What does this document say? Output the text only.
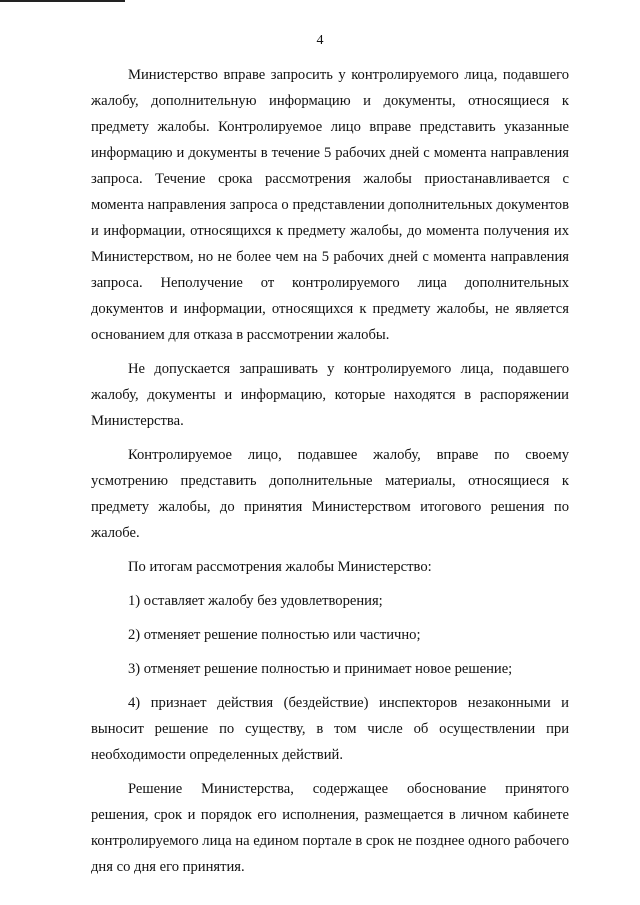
4

Министерство вправе запросить у контролируемого лица, подавшего жалобу, дополнительную информацию и документы, относящиеся к предмету жалобы. Контролируемое лицо вправе представить указанные информацию и документы в течение 5 рабочих дней с момента направления запроса. Течение срока рассмотрения жалобы приостанавливается с момента направления запроса о представлении дополнительных документов и информации, относящихся к предмету жалобы, до момента получения их Министерством, но не более чем на 5 рабочих дней с момента направления запроса. Неполучение от контролируемого лица дополнительных документов и информации, относящихся к предмету жалобы, не является основанием для отказа в рассмотрении жалобы.

Не допускается запрашивать у контролируемого лица, подавшего жалобу, документы и информацию, которые находятся в распоряжении Министерства.

Контролируемое лицо, подавшее жалобу, вправе по своему усмотрению представить дополнительные материалы, относящиеся к предмету жалобы, до принятия Министерством итогового решения по жалобе.

По итогам рассмотрения жалобы Министерство:

1) оставляет жалобу без удовлетворения;

2) отменяет решение полностью или частично;

3) отменяет решение полностью и принимает новое решение;

4) признает действия (бездействие) инспекторов незаконными и выносит решение по существу, в том числе об осуществлении при необходимости определенных действий.

Решение Министерства, содержащее обоснование принятого решения, срок и порядок его исполнения, размещается в личном кабинете контролируемого лица на едином портале в срок не позднее одного рабочего дня со дня его принятия.
